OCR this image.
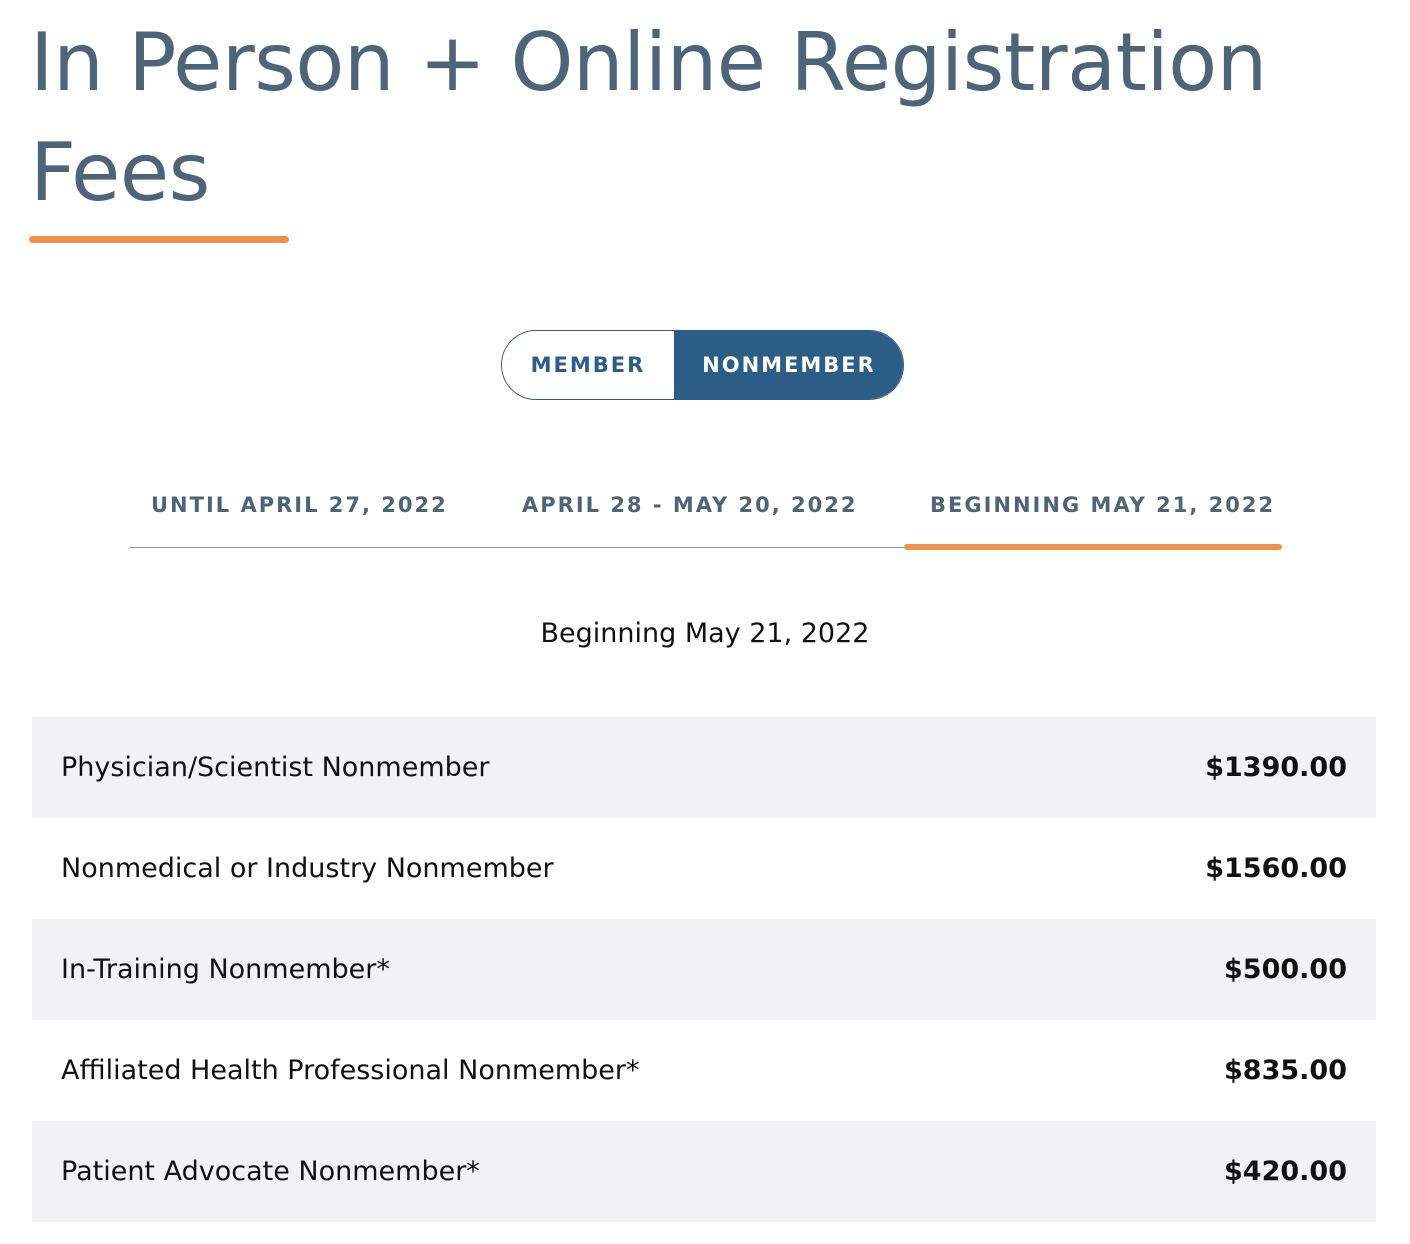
In Person + Online Registration Fees
MEMBER	NONMEMBER
UNTIL APRIL 27, 2022	APRIL 28 - MAY 20, 2022	BEGINNING MAY 21, 2022
Beginning May 21, 2022
Physician/Scientist Nonmember	$1390.00
Nonmedical or Industry Nonmember	$1560.00
In-Training Nonmember*	$500.00
Affiliated Health Professional Nonmember*	$835.00
Patient Advocate Nonmember*	$420.00
